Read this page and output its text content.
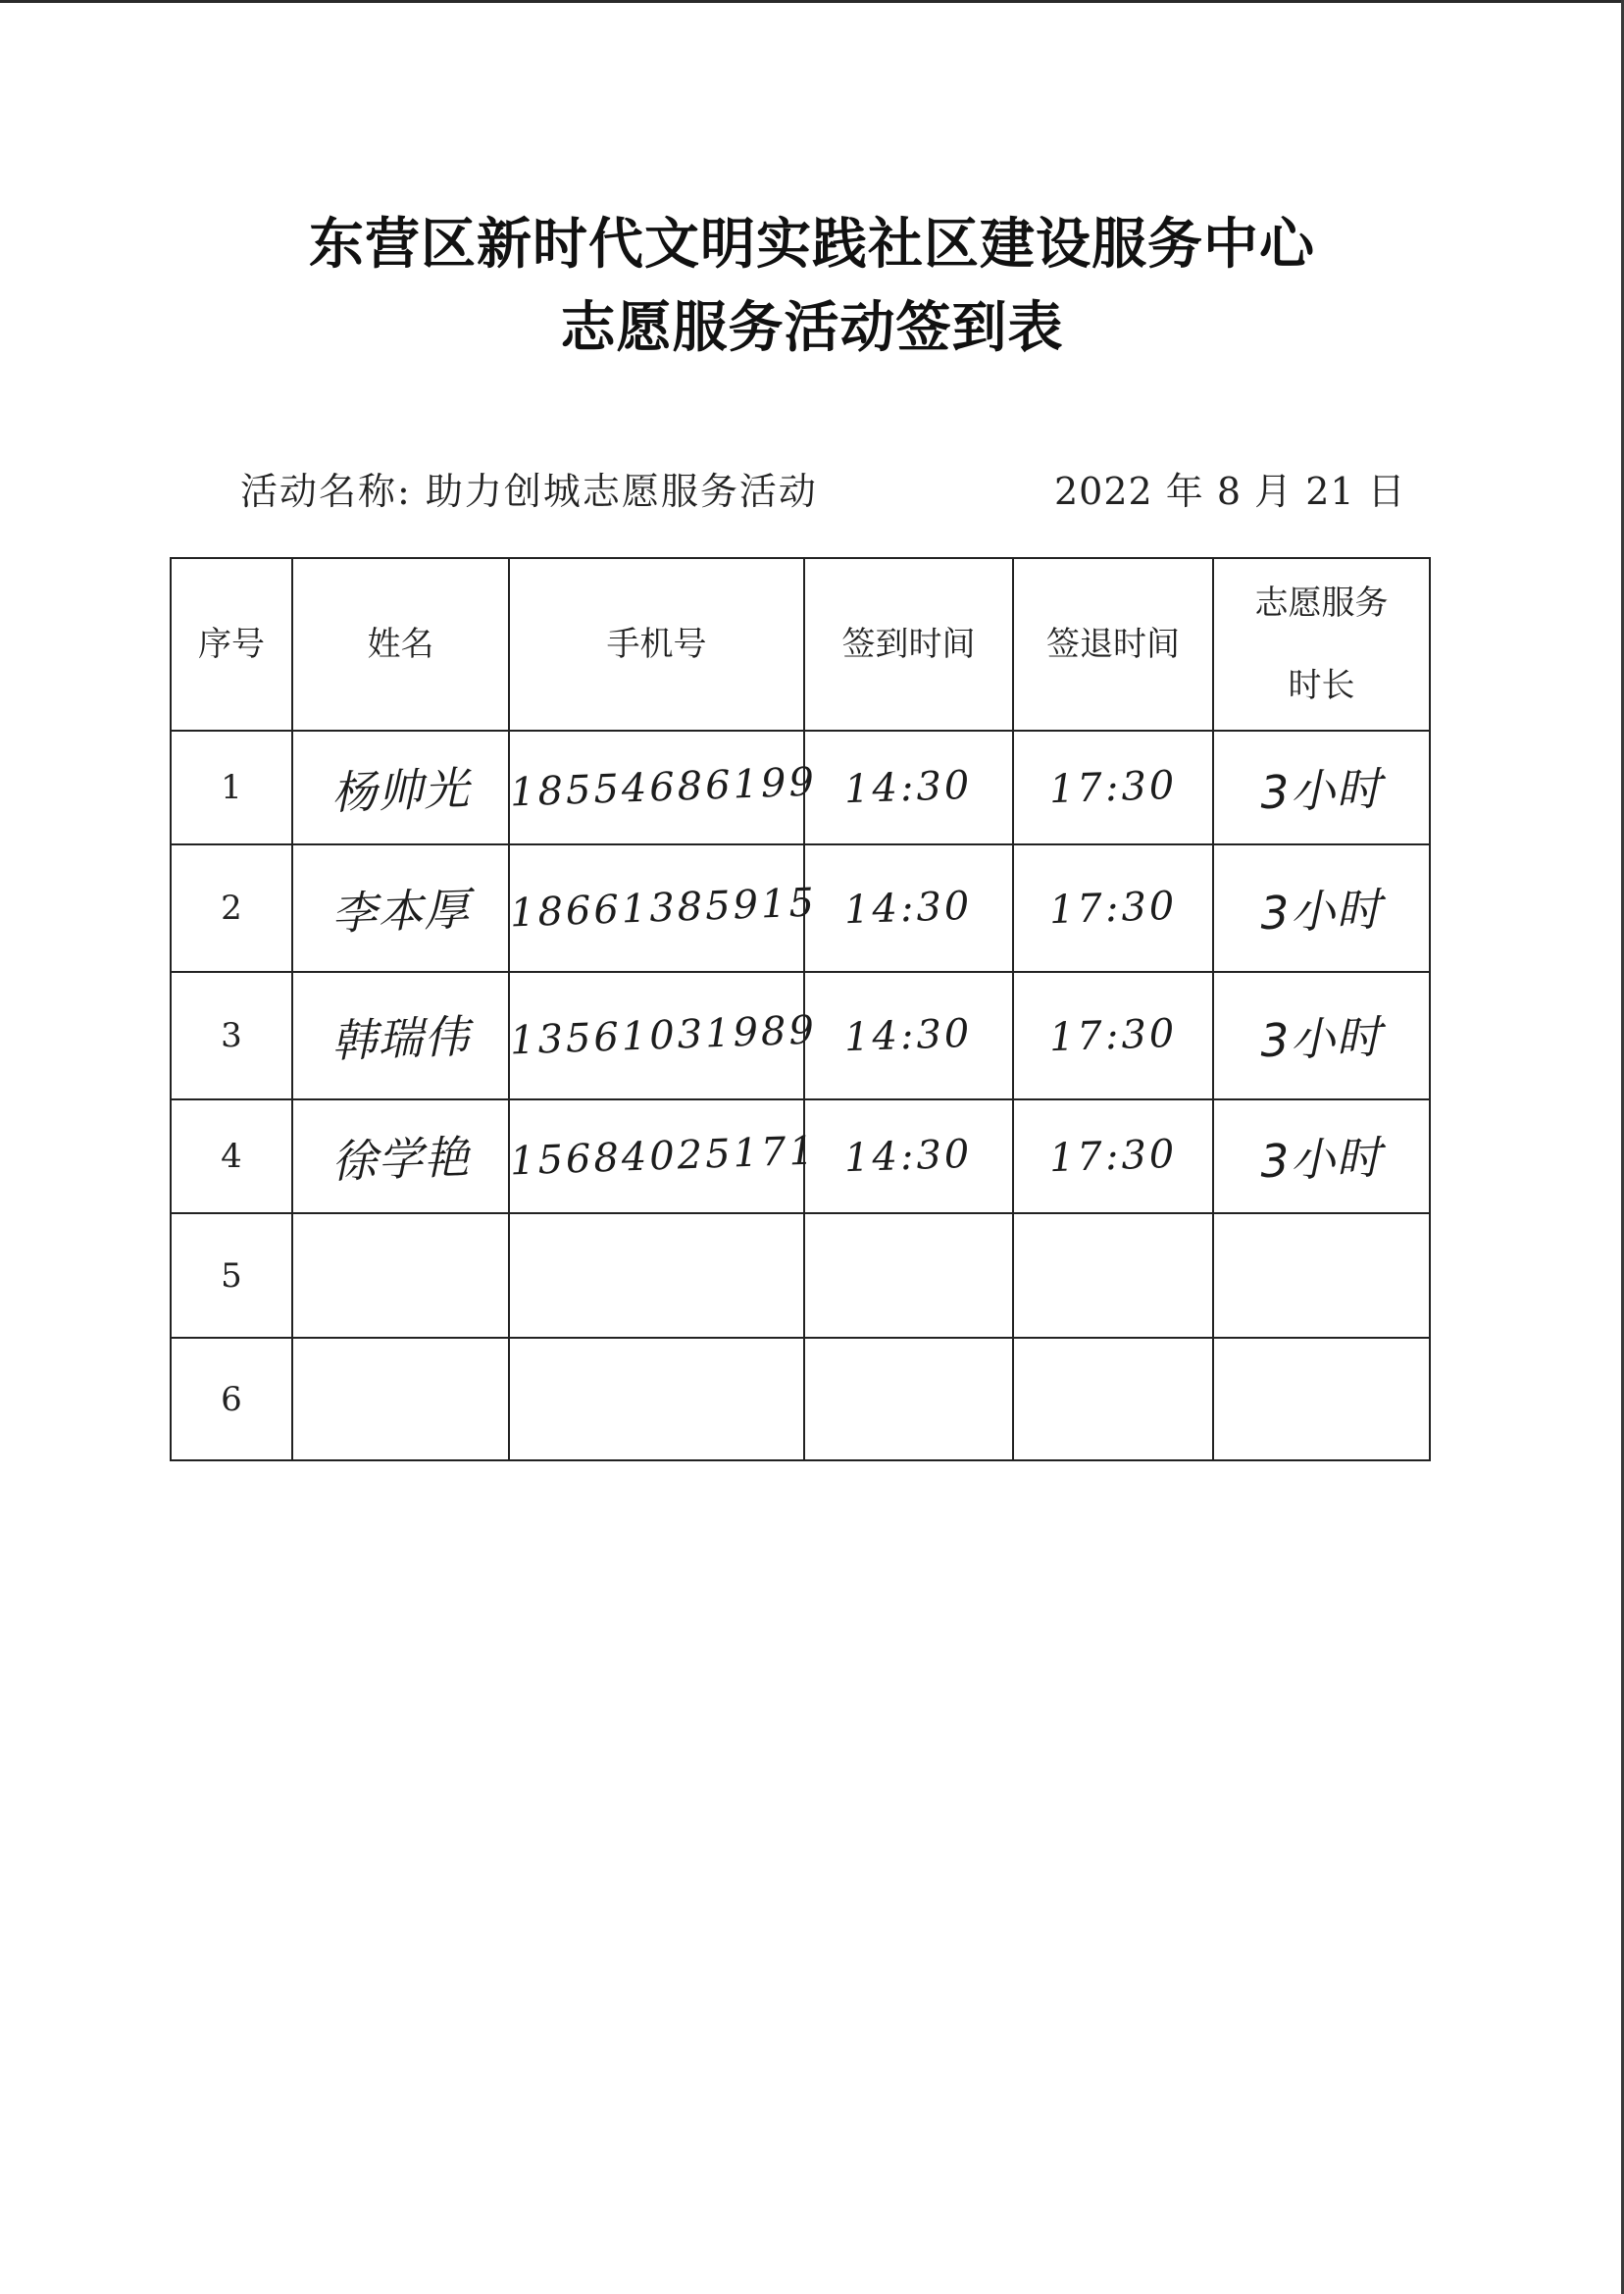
东营区新时代文明实践社区建设服务中心
志愿服务活动签到表
活动名称: 助力创城志愿服务活动	2022 年 8 月 21 日
序号	姓名	手机号	签到时间	签退时间	志愿服务时长
1	杨帅光	18554686199	14:30	17:30	3小时
2	李本厚	18661385915	14:30	17:30	3小时
3	韩瑞伟	13561031989	14:30	17:30	3小时
4	徐学艳	15684025171	14:30	17:30	3小时
5					
6					
